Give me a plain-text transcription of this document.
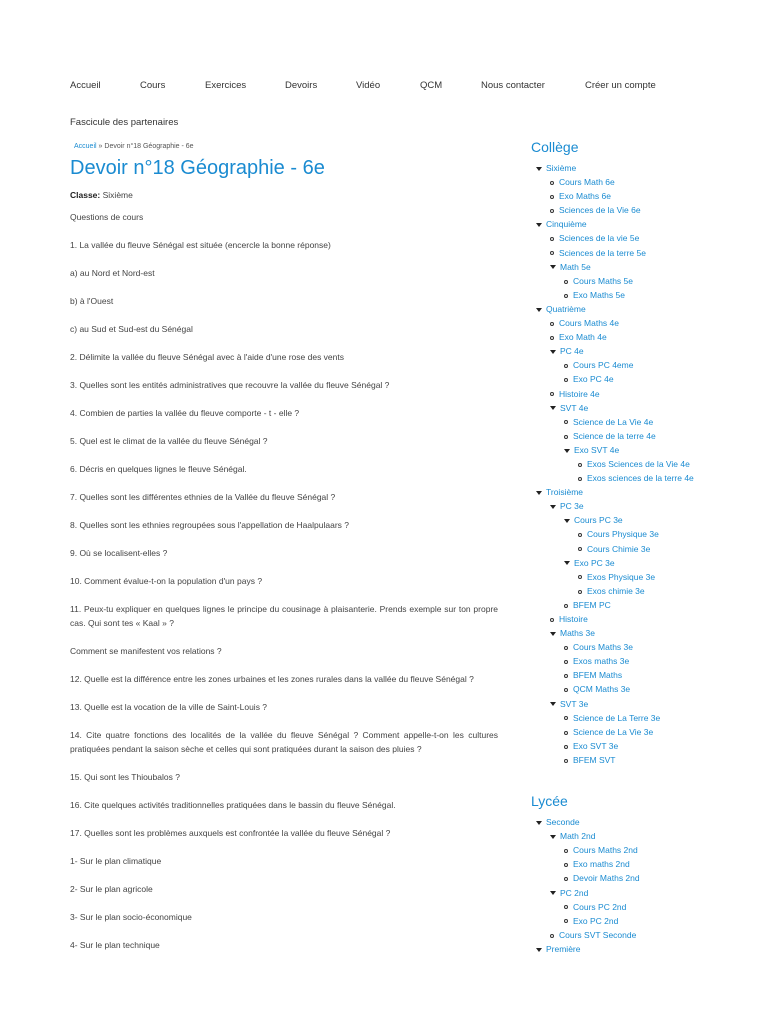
Accueil	Cours	Exercices	Devoirs	Vidéo	QCM	Nous contacter	Créer un compte
Fascicule des partenaires
Accueil » Devoir n°18 Géographie - 6e
Devoir n°18 Géographie - 6e
Classe: Sixième

Questions de cours

1. La vallée du fleuve Sénégal est située (encercle la bonne réponse)

a) au Nord et Nord-est

b) à l'Ouest

c) au Sud et Sud-est du Sénégal

2. Délimite la vallée du fleuve Sénégal avec à l'aide d'une rose des vents

3. Quelles sont les entités administratives que recouvre la vallée du fleuve Sénégal ?

4. Combien de parties la vallée du fleuve comporte - t - elle ?

5. Quel est le climat de la vallée du fleuve Sénégal ?

6. Décris en quelques lignes le fleuve Sénégal.

7. Quelles sont les différentes ethnies de la Vallée du fleuve Sénégal ?

8. Quelles sont les ethnies regroupées sous l'appellation de Haalpulaars ?

9. Où se localisent-elles ?

10. Comment évalue-t-on la population d'un pays ?

11. Peux-tu expliquer en quelques lignes le principe du cousinage à plaisanterie. Prends exemple sur ton propre cas. Qui sont tes « Kaal » ?

Comment se manifestent vos relations ?

12. Quelle est la différence entre les zones urbaines et les zones rurales dans la vallée du fleuve Sénégal ?

13. Quelle est la vocation de la ville de Saint-Louis ?

14. Cite quatre fonctions des localités de la vallée du fleuve Sénégal ? Comment appelle-t-on les cultures pratiquées pendant la saison sèche et celles qui sont pratiquées durant la saison des pluies ?

15. Qui sont les Thioubalos ?

16. Cite quelques activités traditionnelles pratiquées dans le bassin du fleuve Sénégal.

17. Quelles sont les problèmes auxquels est confrontée la vallée du fleuve Sénégal ?

1- Sur le plan climatique

2- Sur le plan agricole

3- Sur le plan socio-économique

4- Sur le plan technique

Collège
Sixième
Cours Math 6e
Exo Maths 6e
Sciences de la Vie 6e
Cinquième
Sciences de la vie 5e
Sciences de la terre 5e
Math 5e
Cours Maths 5e
Exo Maths 5e
Quatrième
Cours Maths 4e
Exo Math 4e
PC 4e
Cours PC 4eme
Exo PC 4e
Histoire 4e
SVT 4e
Science de La Vie 4e
Science de la terre 4e
Exo SVT 4e
Exos Sciences de la Vie 4e
Exos sciences de la terre 4e
Troisième
PC 3e
Cours PC 3e
Cours Physique 3e
Cours Chimie 3e
Exo PC 3e
Exos Physique 3e
Exos chimie 3e
BFEM PC
Histoire
Maths 3e
Cours Maths 3e
Exos maths 3e
BFEM Maths
QCM Maths 3e
SVT 3e
Science de La Terre 3e
Science de La Vie 3e
Exo SVT 3e
BFEM SVT
Lycée
Seconde
Math 2nd
Cours Maths 2nd
Exo maths 2nd
Devoir Maths 2nd
PC 2nd
Cours PC 2nd
Exo PC 2nd
Cours SVT Seconde
Première
